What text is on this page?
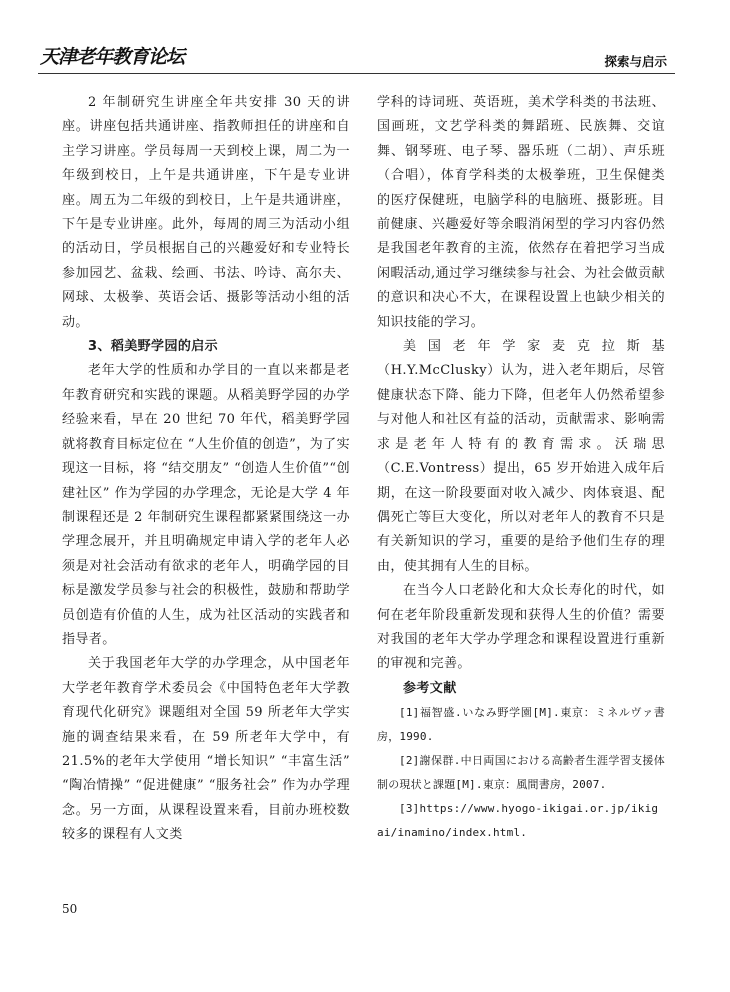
天津老年教育论坛	探索与启示

2 年制研究生讲座全年共安排 30 天的讲座。讲座包括共通讲座、指教师担任的讲座和自主学习讲座。学员每周一天到校上课，周二为一年级到校日，上午是共通讲座，下午是专业讲座。周五为二年级的到校日，上午是共通讲座，下午是专业讲座。此外，每周的周三为活动小组的活动日，学员根据自己的兴趣爱好和专业特长参加园艺、盆栽、绘画、书法、吟诗、高尔夫、网球、太极拳、英语会话、摄影等活动小组的活动。

3、稻美野学园的启示

老年大学的性质和办学目的一直以来都是老年教育研究和实践的课题。从稻美野学园的办学经验来看，早在 20 世纪 70 年代，稻美野学园就将教育目标定位在 “人生价值的创造”，为了实现这一目标，将 “结交朋友” “创造人生价值”“创建社区” 作为学园的办学理念，无论是大学 4 年制课程还是 2 年制研究生课程都紧紧围绕这一办学理念展开，并且明确规定申请入学的老年人必须是对社会活动有欲求的老年人，明确学园的目标是激发学员参与社会的积极性，鼓励和帮助学员创造有价值的人生，成为社区活动的实践者和指导者。

关于我国老年大学的办学理念，从中国老年大学老年教育学术委员会《中国特色老年大学教育现代化研究》课题组对全国 59 所老年大学实施的调查结果来看，在 59 所老年大学中，有 21.5%的老年大学使用 “增长知识” “丰富生活” “陶冶情操” “促进健康” “服务社会” 作为办学理念。另一方面，从课程设置来看，目前办班校数较多的课程有人文类

学科的诗词班、英语班，美术学科类的书法班、国画班，文艺学科类的舞蹈班、民族舞、交谊舞、钢琴班、电子琴、器乐班（二胡）、声乐班（合唱），体育学科类的太极拳班，卫生保健类的医疗保健班，电脑学科的电脑班、摄影班。目前健康、兴趣爱好等余暇消闲型的学习内容仍然是我国老年教育的主流，依然存在着把学习当成闲暇活动,通过学习继续参与社会、为社会做贡献的意识和决心不大，在课程设置上也缺少相关的知识技能的学习。

美国老年学家麦克拉斯基（H.Y.McClusky）认为，进入老年期后，尽管健康状态下降、能力下降，但老年人仍然希望参与对他人和社区有益的活动，贡献需求、影响需求是老年人特有的教育需求。沃瑞思（C.E.Vontress）提出，65 岁开始进入成年后期，在这一阶段要面对收入减少、肉体衰退、配偶死亡等巨大变化，所以对老年人的教育不只是有关新知识的学习，重要的是给予他们生存的理由，使其拥有人生的目标。

在当今人口老龄化和大众长寿化的时代，如何在老年阶段重新发现和获得人生的价值？需要对我国的老年大学办学理念和课程设置进行重新的审视和完善。

参考文献

[1]福智盛.いなみ野学園[M].東京：ミネルヴァ書房，1990.

[2]謝保群.中日両国における高齢者生涯学習支援体制の現状と課題[M].東京：風間書房，2007.

[3]https://www.hyogo-ikigai.or.jp/ikigai/inamino/index.html.

50
